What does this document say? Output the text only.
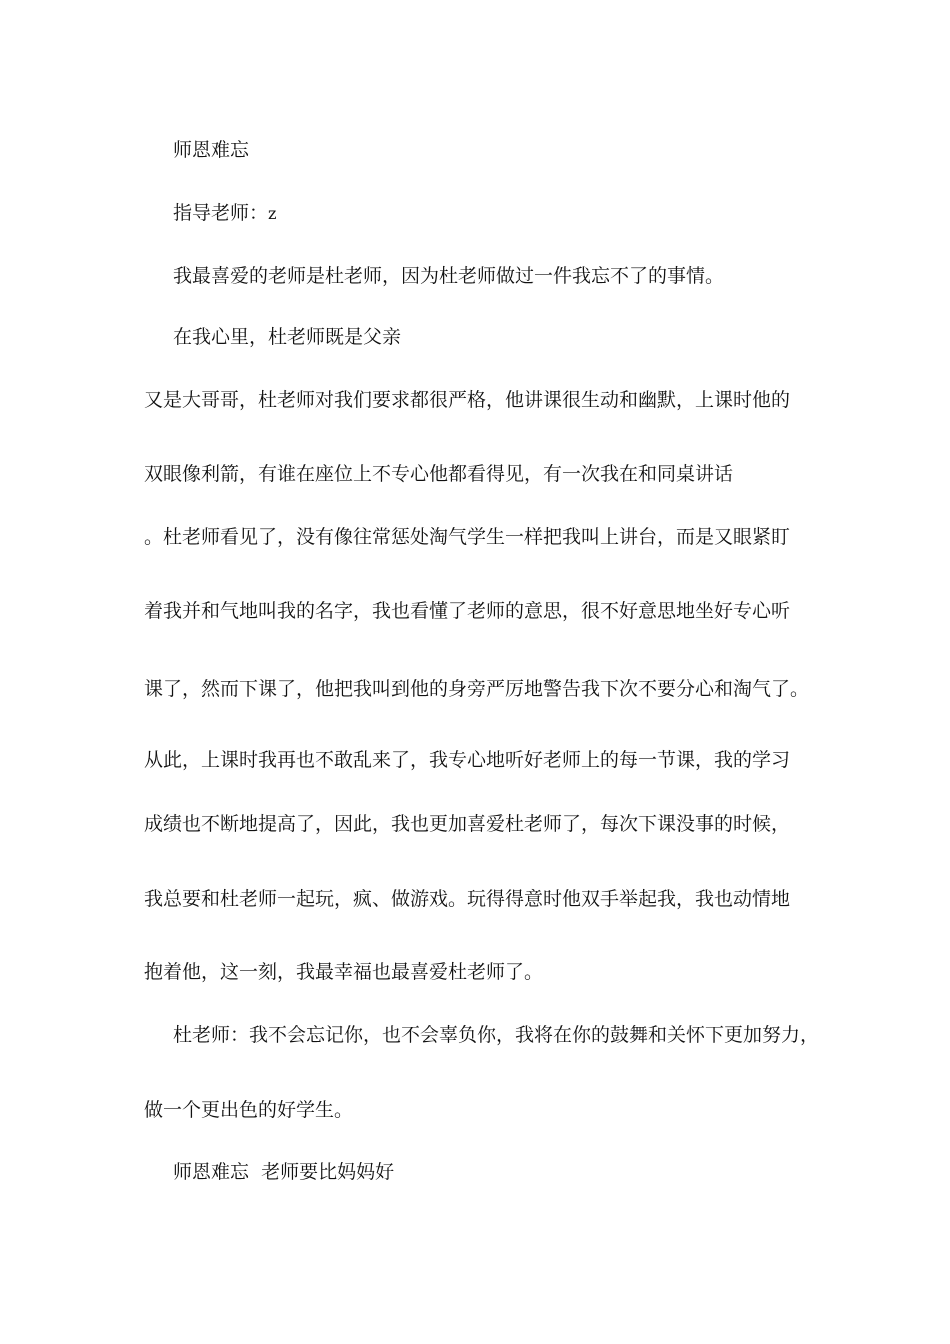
师恩难忘
指导老师：z
我最喜爱的老师是杜老师，因为杜老师做过一件我忘不了的事情。
在我心里，杜老师既是父亲
又是大哥哥，杜老师对我们要求都很严格，他讲课很生动和幽默，上课时他的
双眼像利箭，有谁在座位上不专心他都看得见，有一次我在和同桌讲话
。杜老师看见了，没有像往常惩处淘气学生一样把我叫上讲台，而是又眼紧盯
着我并和气地叫我的名字，我也看懂了老师的意思，很不好意思地坐好专心听
课了，然而下课了，他把我叫到他的身旁严厉地警告我下次不要分心和淘气了。
从此，上课时我再也不敢乱来了，我专心地听好老师上的每一节课，我的学习
成绩也不断地提高了，因此，我也更加喜爱杜老师了，每次下课没事的时候，
我总要和杜老师一起玩，疯、做游戏。玩得得意时他双手举起我，我也动情地
抱着他，这一刻，我最幸福也最喜爱杜老师了。
杜老师：我不会忘记你，也不会辜负你，我将在你的鼓舞和关怀下更加努力，
做一个更出色的好学生。
师恩难忘  老师要比妈妈好
